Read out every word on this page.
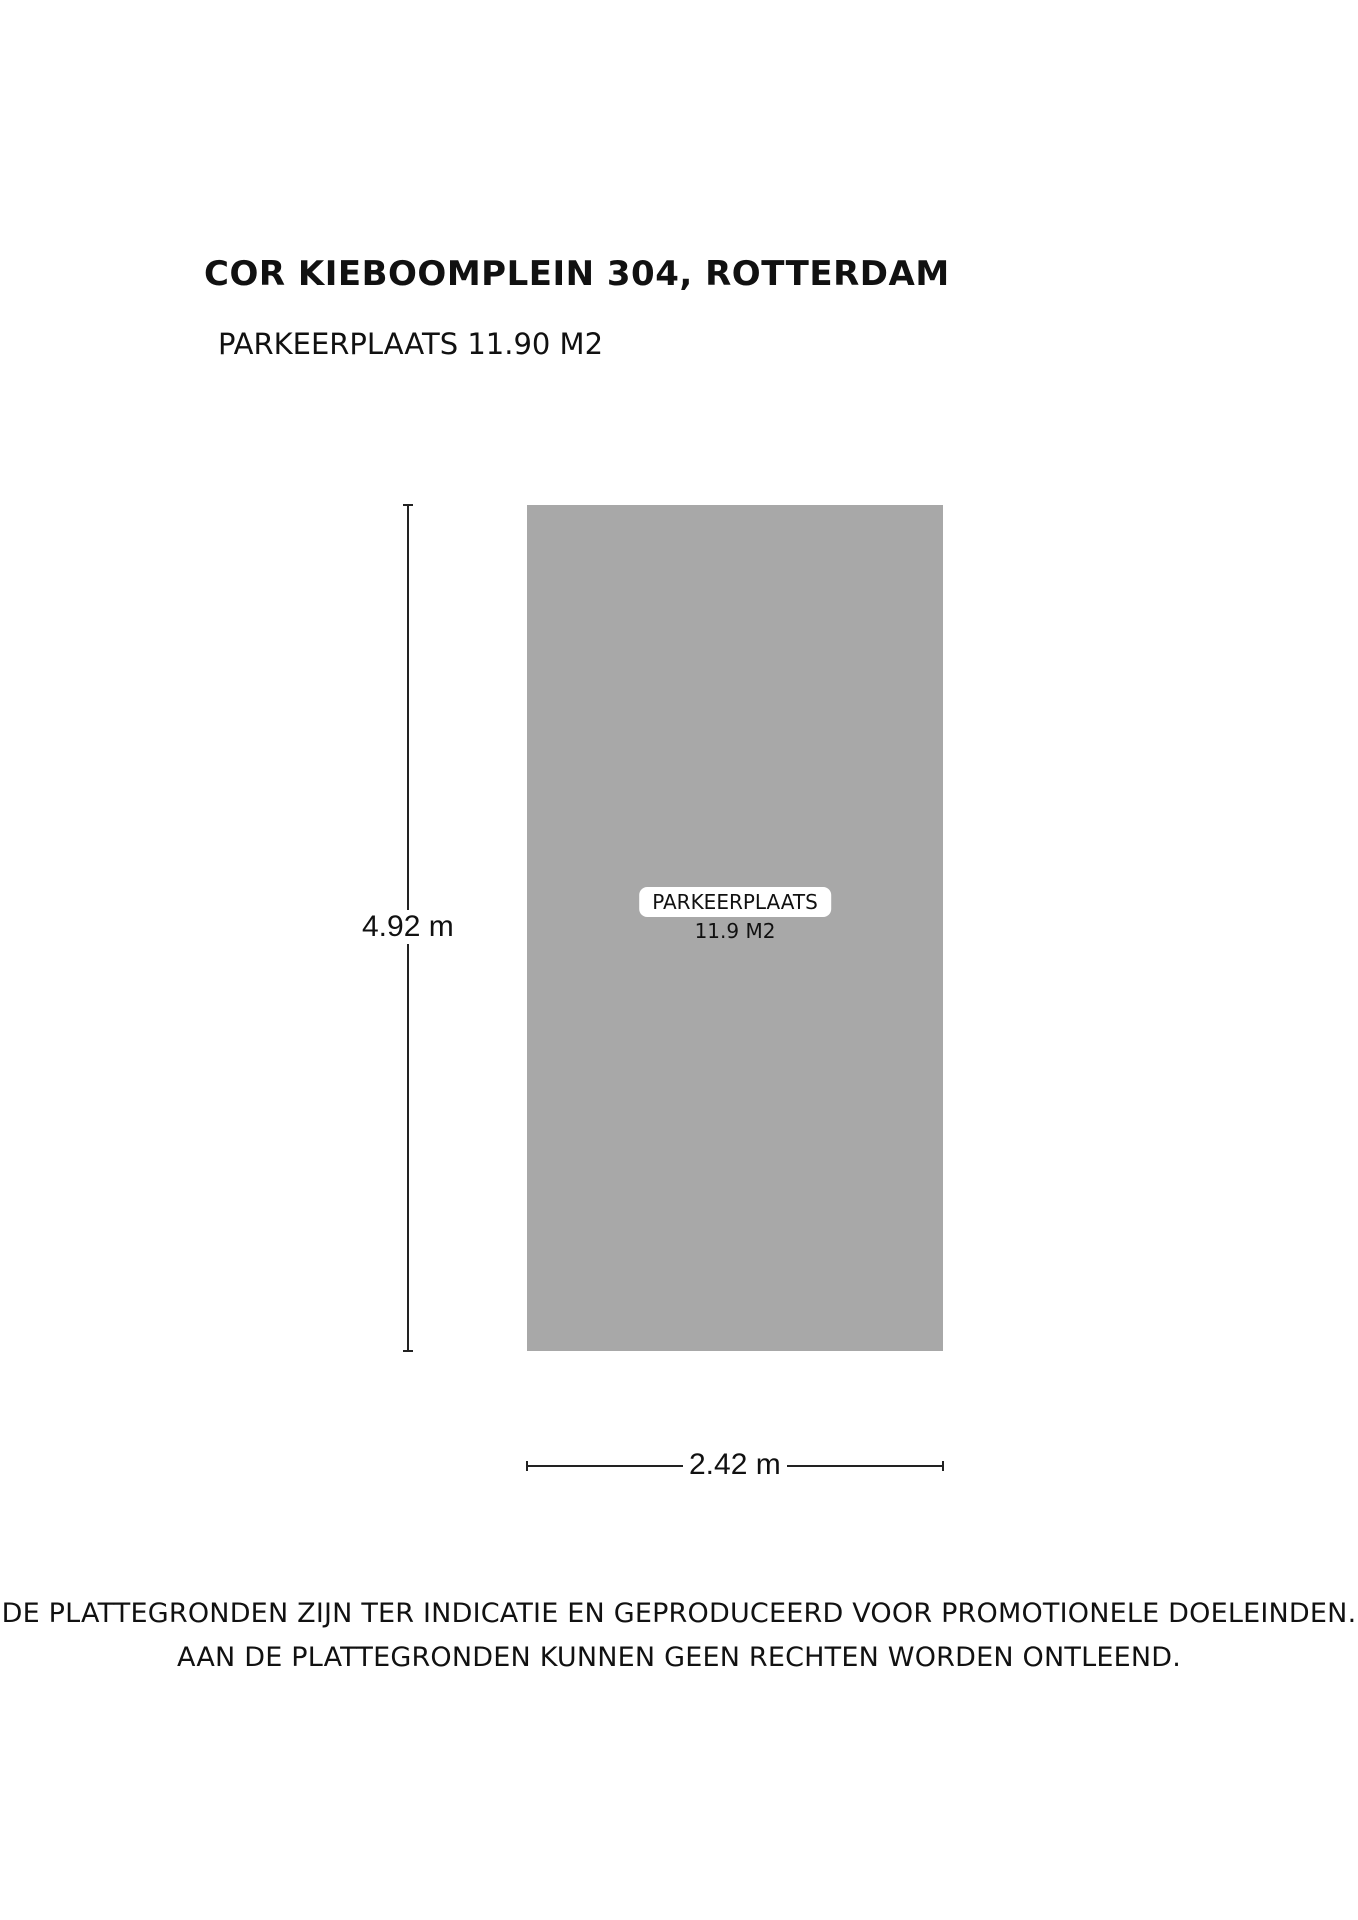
COR KIEBOOMPLEIN 304, ROTTERDAM
PARKEERPLAATS 11.90 M2
PARKEERPLAATS
11.9 M2
4.92 m
2.42 m
DE PLATTEGRONDEN ZIJN TER INDICATIE EN GEPRODUCEERD VOOR PROMOTIONELE DOELEINDEN.
AAN DE PLATTEGRONDEN KUNNEN GEEN RECHTEN WORDEN ONTLEEND.
